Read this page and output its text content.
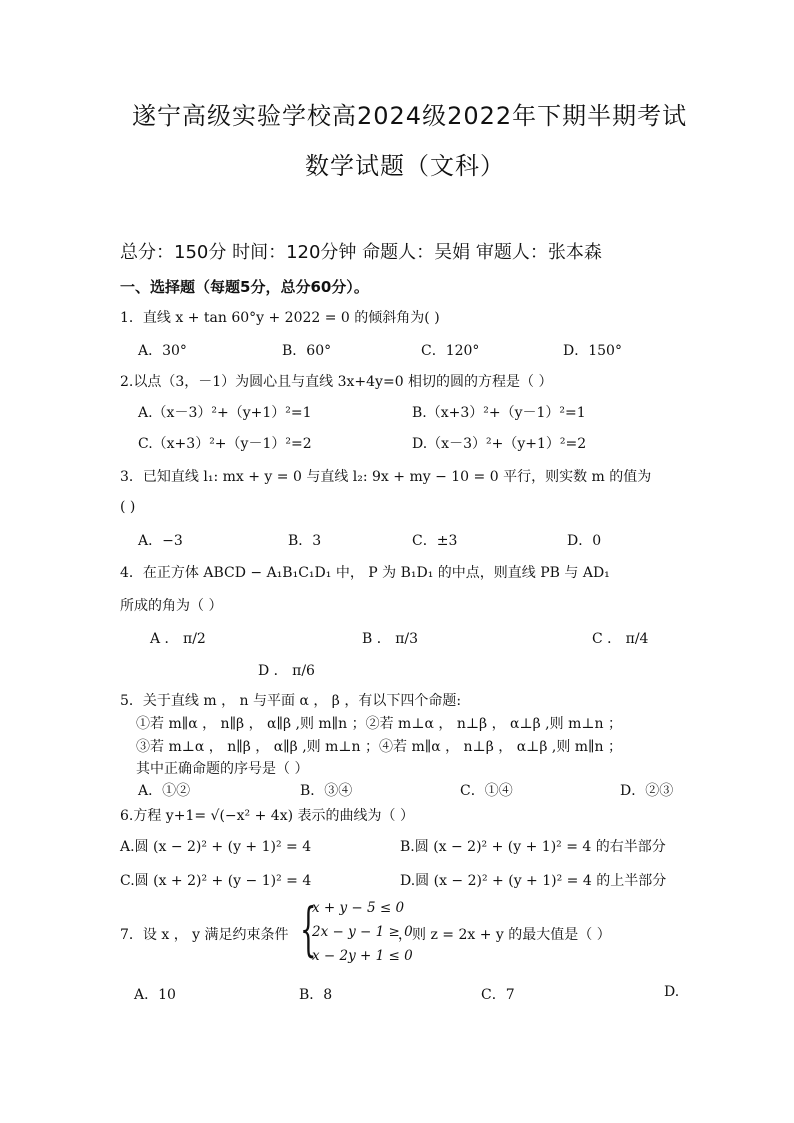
遂宁高级实验学校高2024级2022年下期半期考试
数学试题（文科）
总分：150分 时间：120分钟 命题人：吴娟 审题人：张本森
一、选择题（每题5分，总分60分）。
1．直线 x + tan 60°y + 2022 = 0 的倾斜角为( )
A．30°	B．60°	C．120°	D．150°
2.以点（3，－1）为圆心且与直线 3x+4y=0 相切的圆的方程是（ ）
A.（x－3）²+（y+1）²=1	B.（x+3）²+（y－1）²=1
C.（x+3）²+（y－1）²=2	D.（x－3）²+（y+1）²=2
3．已知直线 l₁: mx + y = 0 与直线 l₂: 9x + my − 10 = 0 平行，则实数 m 的值为
( )
A．−3	B．3	C．±3	D．0
4．在正方体 ABCD − A₁B₁C₁D₁ 中， P 为 B₁D₁ 的中点，则直线 PB 与 AD₁
所成的角为（ ）
A ． π/2	B ． π/3	C ． π/4
D ． π/6
5．关于直线 m ， n 与平面 α ， β ，有以下四个命题:
①若 m∥α ， n∥β ， α∥β ,则 m∥n ；②若 m⊥α ， n⊥β ， α⊥β ,则 m⊥n ；
③若 m⊥α ， n∥β ， α∥β ,则 m⊥n ；④若 m∥α ， n⊥β ， α⊥β ,则 m∥n ；
其中正确命题的序号是（ ）
A．①②	B．③④	C．①④	D．②③
6.方程 y+1= √(−x² + 4x) 表示的曲线为（ ）
A.圆 (x − 2)² + (y + 1)² = 4	B.圆 (x − 2)² + (y + 1)² = 4 的右半部分
C.圆 (x + 2)² + (y − 1)² = 4	D.圆 (x − 2)² + (y + 1)² = 4 的上半部分
7．设 x ， y 满足约束条件 {
x + y − 5 ≤ 0
2x − y − 1 ≥ 0
x − 2y + 1 ≤ 0
，则 z = 2x + y 的最大值是（ ）
A．10	B．8	C．7	D.
